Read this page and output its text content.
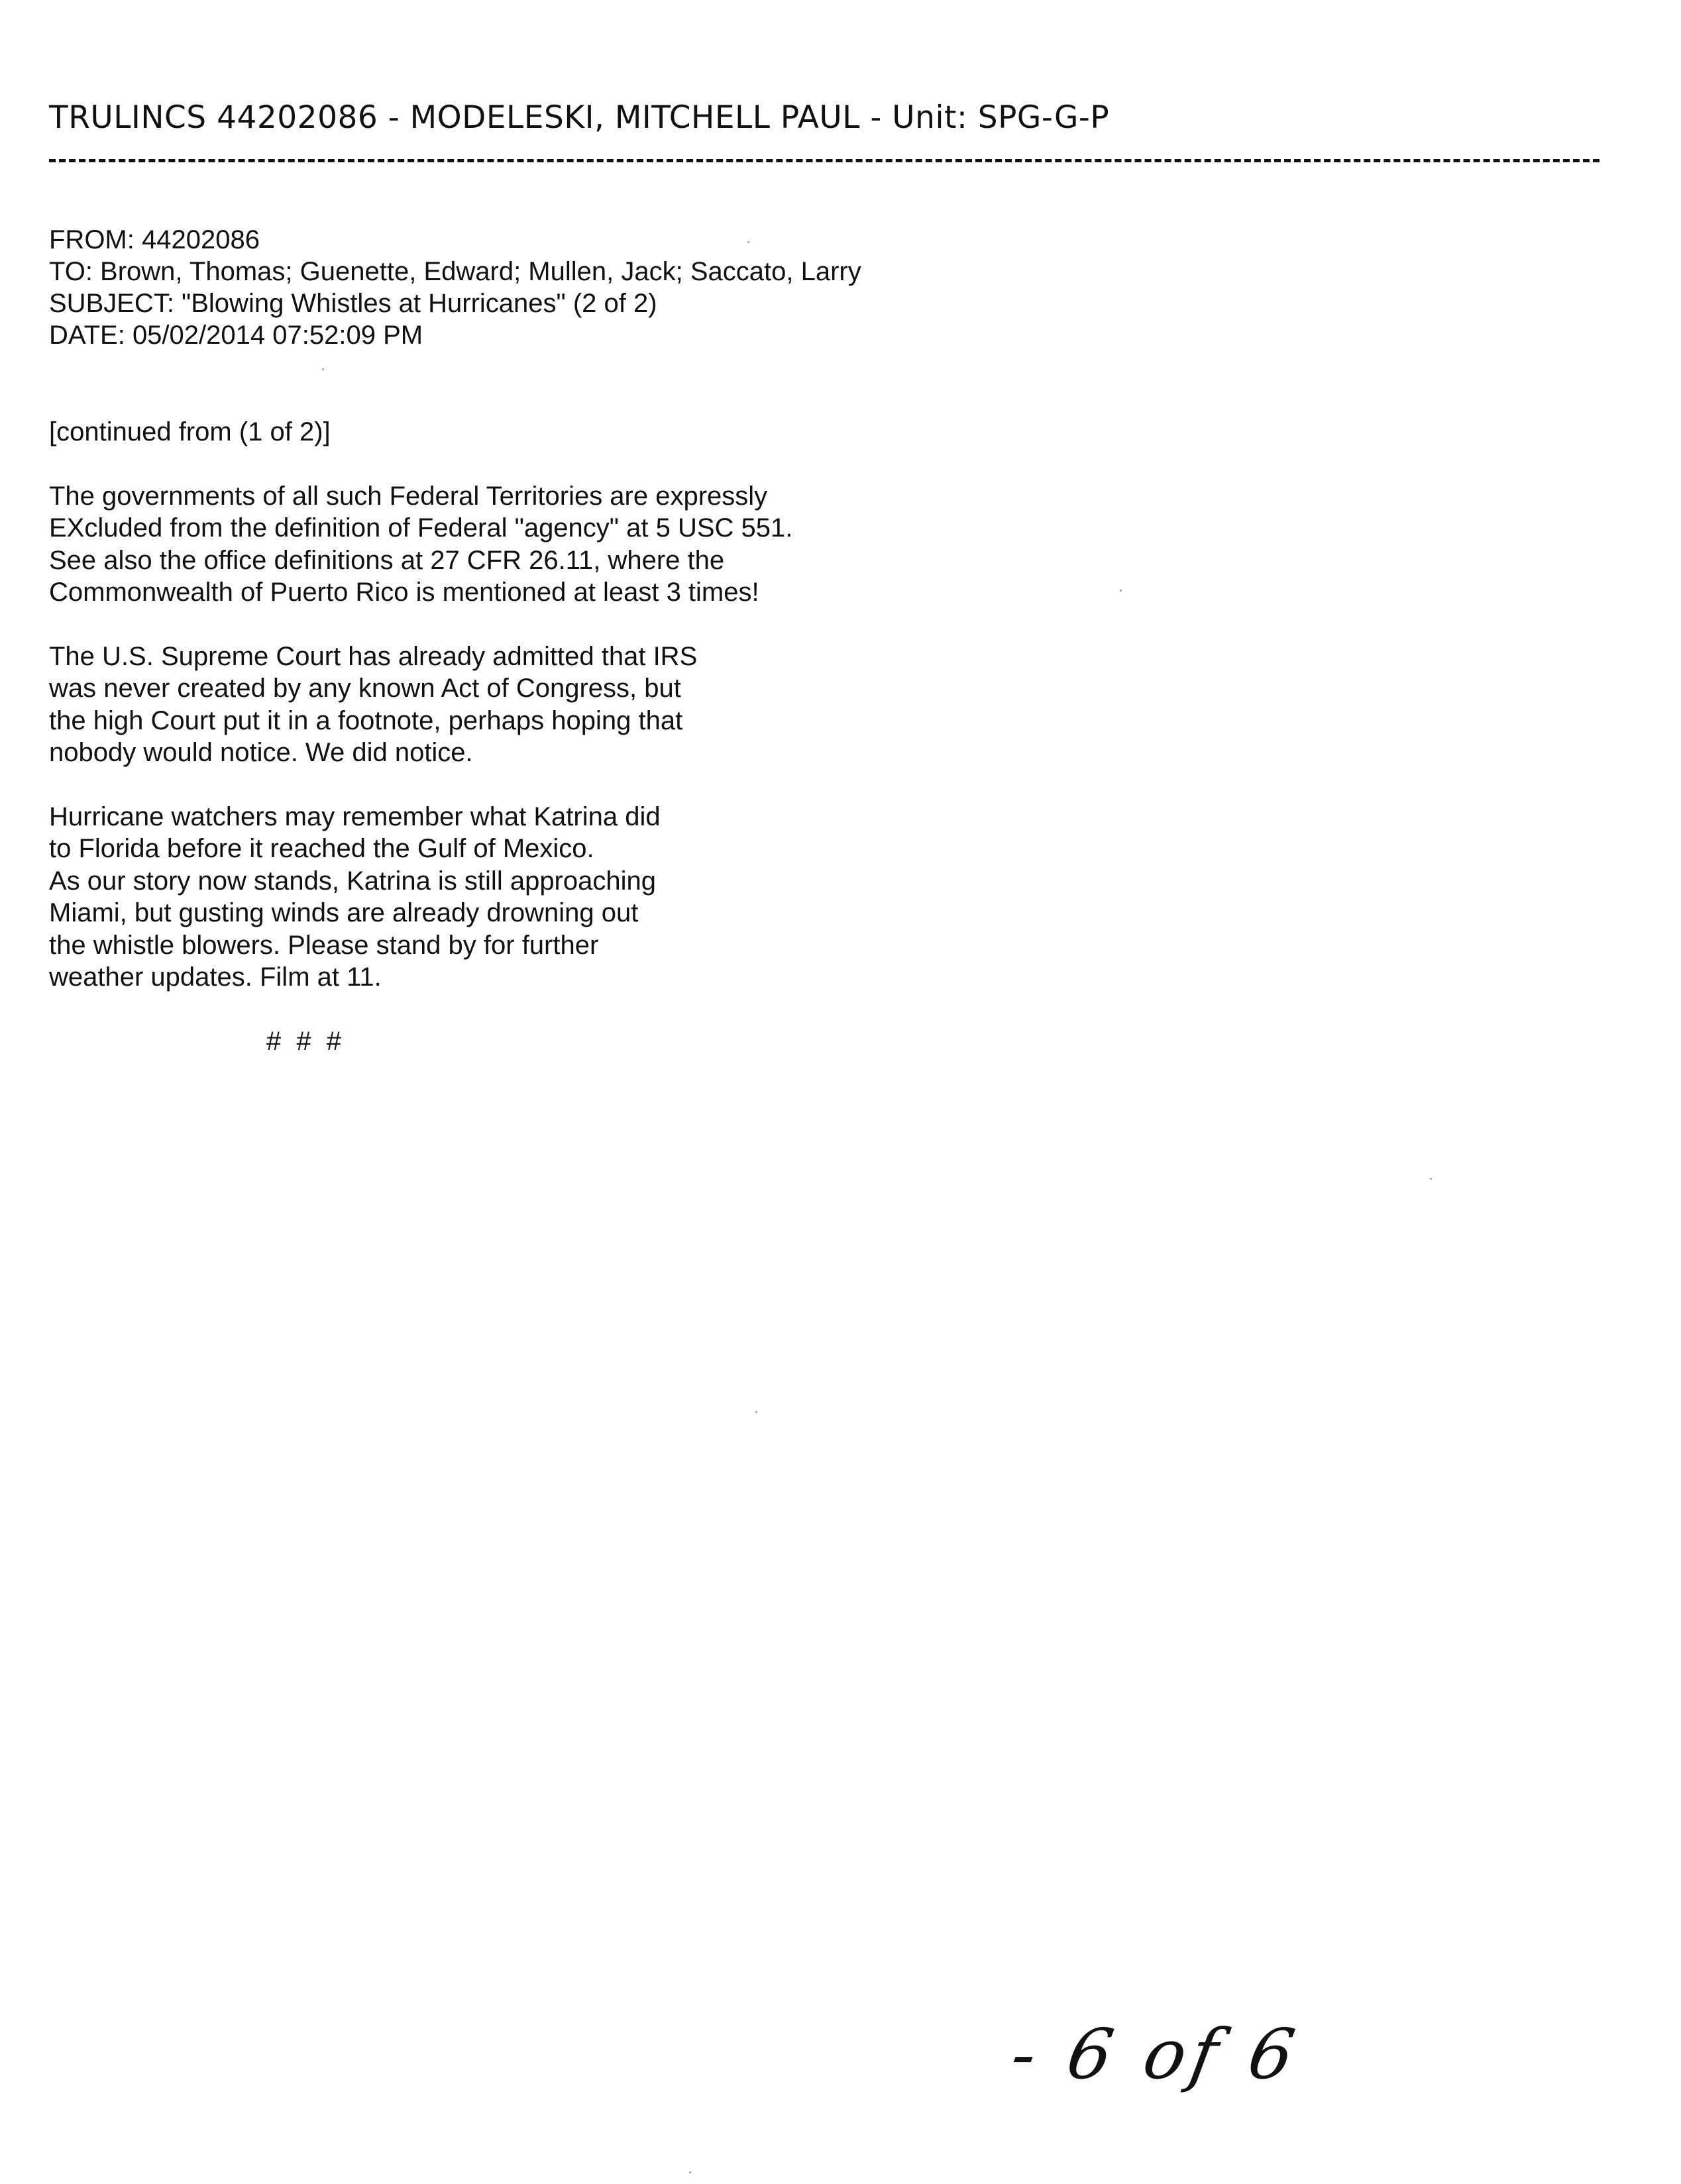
TRULINCS 44202086 - MODELESKI, MITCHELL PAUL - Unit: SPG-G-P
FROM: 44202086
TO: Brown, Thomas; Guenette, Edward; Mullen, Jack; Saccato, Larry
SUBJECT: "Blowing Whistles at Hurricanes" (2 of 2)
DATE: 05/02/2014 07:52:09 PM
[continued from (1 of 2)]
The governments of all such Federal Territories are expressly
EXcluded from the definition of Federal "agency" at 5 USC 551.
See also the office definitions at 27 CFR 26.11, where the
Commonwealth of Puerto Rico is mentioned at least 3 times!
The U.S. Supreme Court has already admitted that IRS
was never created by any known Act of Congress, but
the high Court put it in a footnote, perhaps hoping that
nobody would notice. We did notice.
Hurricane watchers may remember what Katrina did
to Florida before it reached the Gulf of Mexico.
As our story now stands, Katrina is still approaching
Miami, but gusting winds are already drowning out
the whistle blowers. Please stand by for further
weather updates. Film at 11.
# # #
- 6 of 6
